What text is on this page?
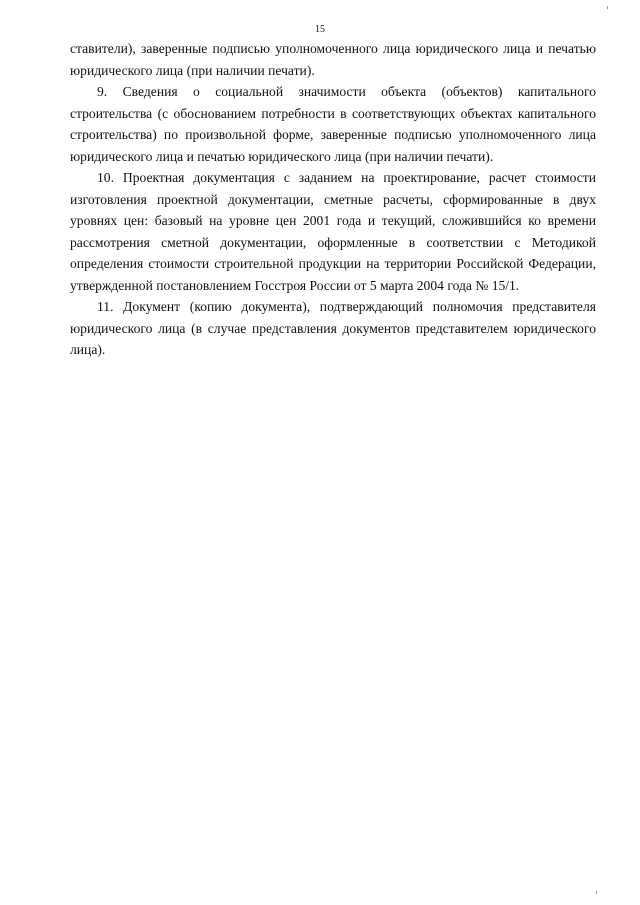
15

ставители), заверенные подписью уполномоченного лица юридического лица и печатью юридического лица (при наличии печати).

9. Сведения о социальной значимости объекта (объектов) капитального строительства (с обоснованием потребности в соответствующих объектах капитального строительства) по произвольной форме, заверенные подписью уполномоченного лица юридического лица и печатью юридического лица (при наличии печати).

10. Проектная документация с заданием на проектирование, расчет стоимости изготовления проектной документации, сметные расчеты, сформированные в двух уровнях цен: базовый на уровне цен 2001 года и текущий, сложившийся ко времени рассмотрения сметной документации, оформленные в соответствии с Методикой определения стоимости строительной продукции на территории Российской Федерации, утвержденной постановлением Госстроя России от 5 марта 2004 года № 15/1.

11. Документ (копию документа), подтверждающий полномочия представителя юридического лица (в случае представления документов представителем юридического лица).
